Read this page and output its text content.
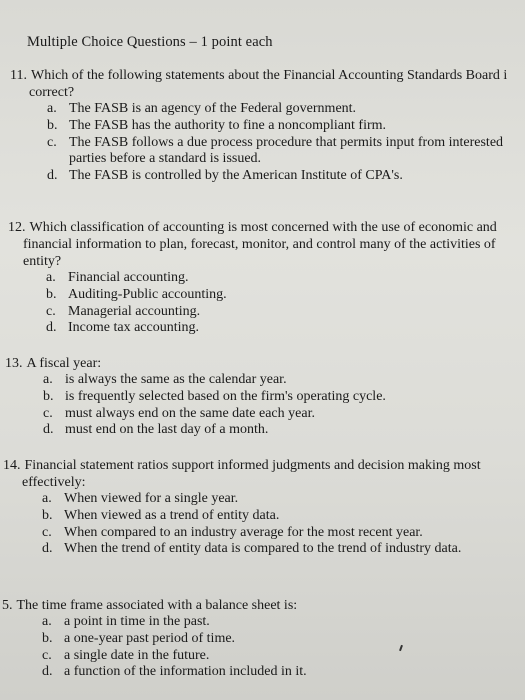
Multiple Choice Questions – 1 point each
11. Which of the following statements about the Financial Accounting Standards Board i
correct?
a. The FASB is an agency of the Federal government.
b. The FASB has the authority to fine a noncompliant firm.
c. The FASB follows a due process procedure that permits input from interested
parties before a standard is issued.
d. The FASB is controlled by the American Institute of CPA's.
12. Which classification of accounting is most concerned with the use of economic and
financial information to plan, forecast, monitor, and control many of the activities of
entity?
a. Financial accounting.
b. Auditing-Public accounting.
c. Managerial accounting.
d. Income tax accounting.
13. A fiscal year:
a. is always the same as the calendar year.
b. is frequently selected based on the firm's operating cycle.
c. must always end on the same date each year.
d. must end on the last day of a month.
14. Financial statement ratios support informed judgments and decision making most
effectively:
a. When viewed for a single year.
b. When viewed as a trend of entity data.
c. When compared to an industry average for the most recent year.
d. When the trend of entity data is compared to the trend of industry data.
5. The time frame associated with a balance sheet is:
a. a point in time in the past.
b. a one-year past period of time.
c. a single date in the future.
d. a function of the information included in it.
